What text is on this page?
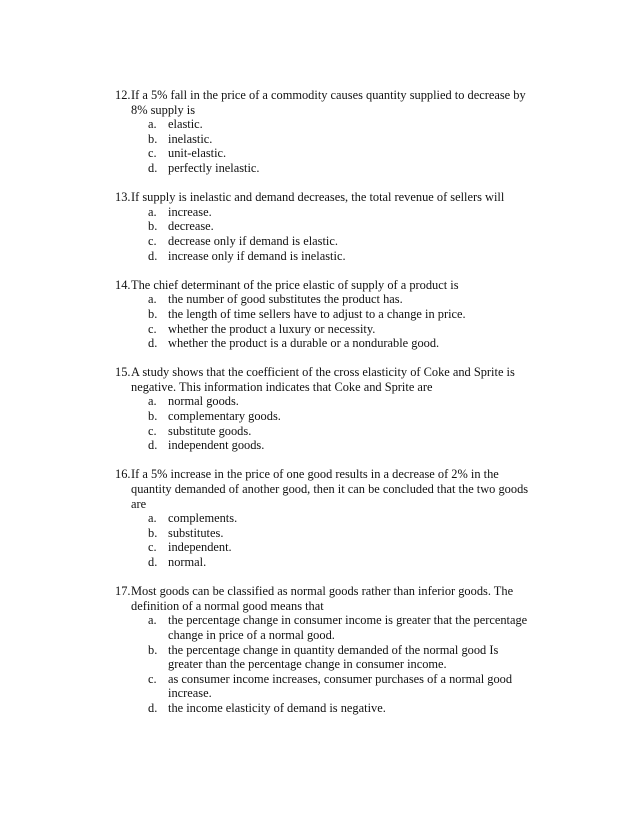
12. If a 5% fall in the price of a commodity causes quantity supplied to decrease by 8% supply is
a. elastic.
b. inelastic.
c. unit-elastic.
d. perfectly inelastic.
13. If supply is inelastic and demand decreases, the total revenue of sellers will
a. increase.
b. decrease.
c. decrease only if demand is elastic.
d. increase only if demand is inelastic.
14. The chief determinant of the price elastic of supply of a product is
a. the number of good substitutes the product has.
b. the length of time sellers have to adjust to a change in price.
c. whether the product a luxury or necessity.
d. whether the product is a durable or a nondurable good.
15. A study shows that the coefficient of the cross elasticity of Coke and Sprite is negative. This information indicates that Coke and Sprite are
a. normal goods.
b. complementary goods.
c. substitute goods.
d. independent goods.
16. If a 5% increase in the price of one good results in a decrease of 2% in the quantity demanded of another good, then it can be concluded that the two goods are
a. complements.
b. substitutes.
c. independent.
d. normal.
17. Most goods can be classified as normal goods rather than inferior goods. The definition of a normal good means that
a. the percentage change in consumer income is greater that the percentage change in price of a normal good.
b. the percentage change in quantity demanded of the normal good Is greater than the percentage change in consumer income.
c. as consumer income increases, consumer purchases of a normal good increase.
d. the income elasticity of demand is negative.
